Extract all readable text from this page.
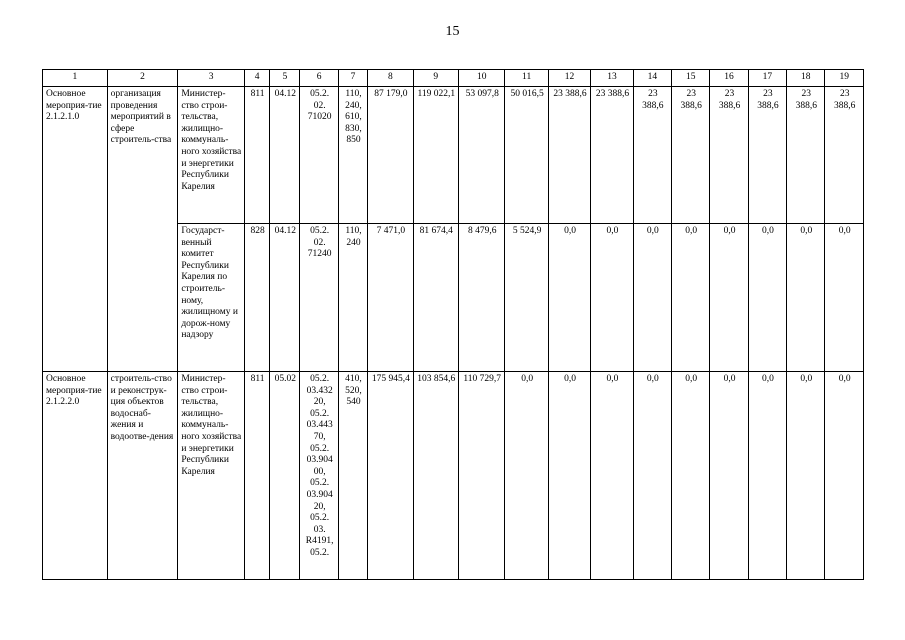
15
1	2	3	4	5	6	7	8	9	10	11	12	13	14	15	16	17	18	19
Основное мероприя-тие 2.1.2.1.0	организация проведения мероприятий в сфере строитель-ства	Министер-ство строи-тельства, жилищно-коммуналь-ного хозяйства и энергетики Республики Карелия	811	04.12	05.2. 02. 71020	110, 240, 610, 830, 850	87 179,0	119 022,1	53 097,8	50 016,5	23 388,6	23 388,6	23 388,6	23 388,6	23 388,6	23 388,6	23 388,6	23 388,6
		Государст-венный комитет Республики Карелия по строитель-ному, жилищному и дорож-ному надзору	828	04.12	05.2. 02. 71240	110, 240	7 471,0	81 674,4	8 479,6	5 524,9	0,0	0,0	0,0	0,0	0,0	0,0	0,0	0,0
Основное мероприя-тие 2.1.2.2.0	строитель-ство и реконструк-ция объектов водоснаб-жения и водоотве-дения	Министер-ство строи-тельства, жилищно-коммуналь-ного хозяйства и энергетики Республики Карелия	811	05.02	05.2. 03.432 20, 05.2. 03.443 70, 05.2. 03.904 00, 05.2. 03.904 20, 05.2. 03. R4191, 05.2.	410, 520, 540	175 945,4	103 854,6	110 729,7	0,0	0,0	0,0	0,0	0,0	0,0	0,0	0,0	0,0
